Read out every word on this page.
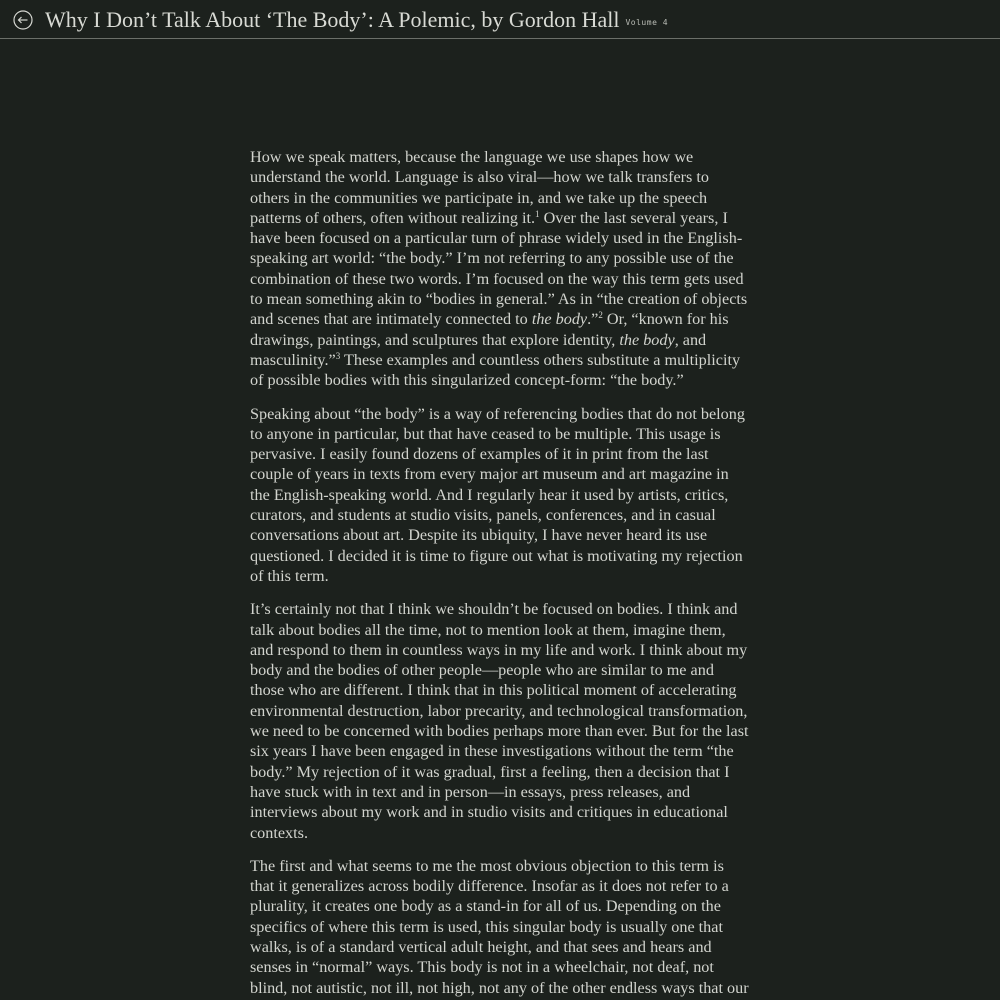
Why I Don’t Talk About ‘The Body’: A Polemic, by Gordon Hall Volume 4

How we speak matters, because the language we use shapes how we understand the world. Language is also viral—how we talk transfers to others in the communities we participate in, and we take up the speech patterns of others, often without realizing it.$^1$ Over the last several years, I have been focused on a particular turn of phrase widely used in the English-speaking art world: “the body.” I’m not referring to any possible use of the combination of these two words. I’m focused on the way this term gets used to mean something akin to “bodies in general.” As in “the creation of objects and scenes that are intimately connected to the body.”$^2$ Or, “known for his drawings, paintings, and sculptures that explore identity, the body, and masculinity.”$^3$ These examples and countless others substitute a multiplicity of possible bodies with this singularized concept-form: “the body.”

Speaking about “the body” is a way of referencing bodies that do not belong to anyone in particular, but that have ceased to be multiple. This usage is pervasive. I easily found dozens of examples of it in print from the last couple of years in texts from every major art museum and art magazine in the English-speaking world. And I regularly hear it used by artists, critics, curators, and students at studio visits, panels, conferences, and in casual conversations about art. Despite its ubiquity, I have never heard its use questioned. I decided it is time to figure out what is motivating my rejection of this term.

It’s certainly not that I think we shouldn’t be focused on bodies. I think and talk about bodies all the time, not to mention look at them, imagine them, and respond to them in countless ways in my life and work. I think about my body and the bodies of other people—people who are similar to me and those who are different. I think that in this political moment of accelerating environmental destruction, labor precarity, and technological transformation, we need to be concerned with bodies perhaps more than ever. But for the last six years I have been engaged in these investigations without the term “the body.” My rejection of it was gradual, first a feeling, then a decision that I have stuck with in text and in person—in essays, press releases, and interviews about my work and in studio visits and critiques in educational contexts.

The first and what seems to me the most obvious objection to this term is that it generalizes across bodily difference. Insofar as it does not refer to a plurality, it creates one body as a stand-in for all of us. Depending on the specifics of where this term is used, this singular body is usually one that walks, is of a standard vertical adult height, and that sees and hears and senses in “normal” ways. This body is not in a wheelchair, not deaf, not blind, not autistic, not ill, not high, not any of the other endless ways that our
